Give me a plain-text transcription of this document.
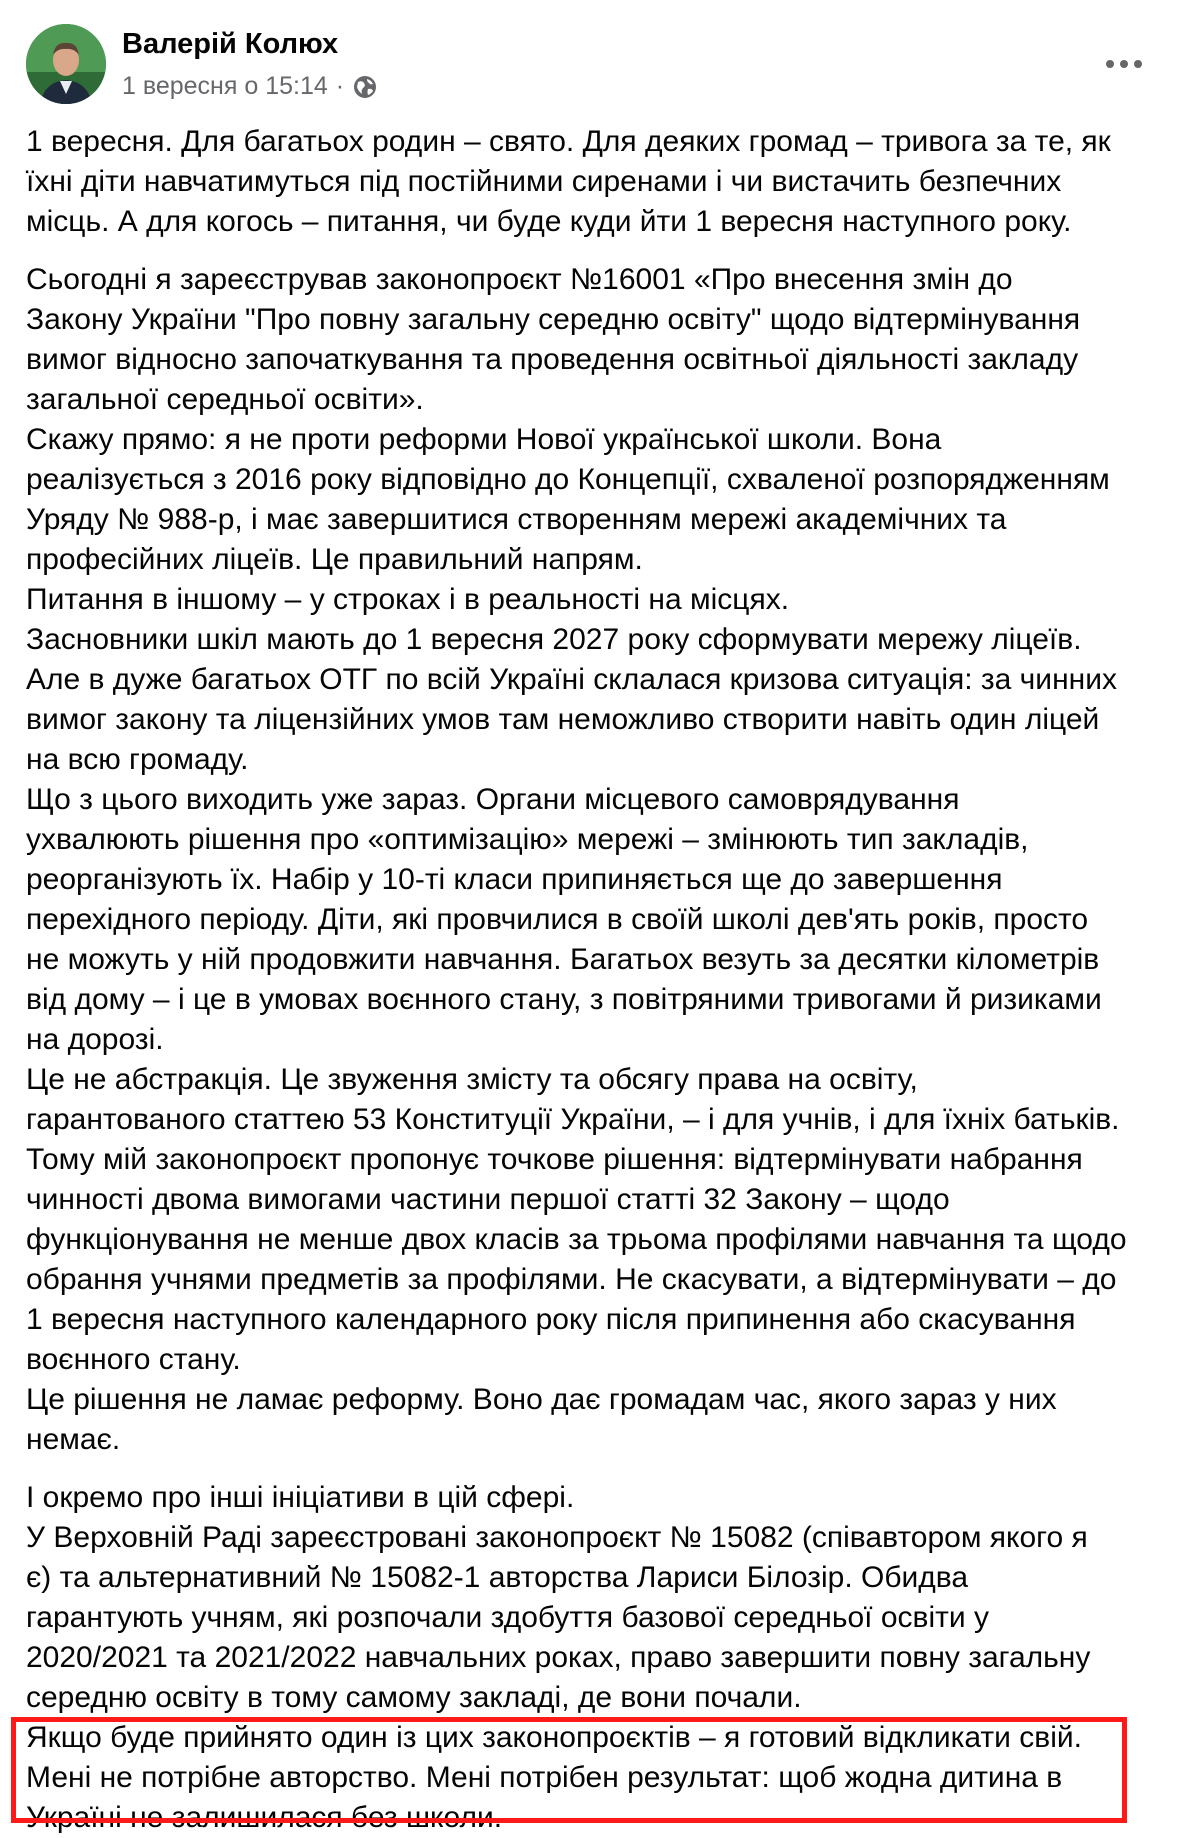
Валерій Колюх
1 вересня о 15:14 ·
1 вересня. Для багатьох родин – свято. Для деяких громад – тривога за те, як
їхні діти навчатимуться під постійними сиренами і чи вистачить безпечних
місць. А для когось – питання, чи буде куди йти 1 вересня наступного року.
Сьогодні я зареєстрував законопроєкт №16001 «Про внесення змін до
Закону України "Про повну загальну середню освіту" щодо відтермінування
вимог відносно започаткування та проведення освітньої діяльності закладу
загальної середньої освіти».
Скажу прямо: я не проти реформи Нової української школи. Вона
реалізується з 2016 року відповідно до Концепції, схваленої розпорядженням
Уряду № 988-р, і має завершитися створенням мережі академічних та
професійних ліцеїв. Це правильний напрям.
Питання в іншому – у строках і в реальності на місцях.
Засновники шкіл мають до 1 вересня 2027 року сформувати мережу ліцеїв.
Але в дуже багатьох ОТГ по всій Україні склалася кризова ситуація: за чинних
вимог закону та ліцензійних умов там неможливо створити навіть один ліцей
на всю громаду.
Що з цього виходить уже зараз. Органи місцевого самоврядування
ухвалюють рішення про «оптимізацію» мережі – змінюють тип закладів,
реорганізують їх. Набір у 10-ті класи припиняється ще до завершення
перехідного періоду. Діти, які провчилися в своїй школі дев'ять років, просто
не можуть у ній продовжити навчання. Багатьох везуть за десятки кілометрів
від дому – і це в умовах воєнного стану, з повітряними тривогами й ризиками
на дорозі.
Це не абстракція. Це звуження змісту та обсягу права на освіту,
гарантованого статтею 53 Конституції України, – і для учнів, і для їхніх батьків.
Тому мій законопроєкт пропонує точкове рішення: відтермінувати набрання
чинності двома вимогами частини першої статті 32 Закону – щодо
функціонування не менше двох класів за трьома профілями навчання та щодо
обрання учнями предметів за профілями. Не скасувати, а відтермінувати – до
1 вересня наступного календарного року після припинення або скасування
воєнного стану.
Це рішення не ламає реформу. Воно дає громадам час, якого зараз у них
немає.
І окремо про інші ініціативи в цій сфері.
У Верховній Раді зареєстровані законопроєкт № 15082 (співавтором якого я
є) та альтернативний № 15082-1 авторства Лариси Білозір. Обидва
гарантують учням, які розпочали здобуття базової середньої освіти у
2020/2021 та 2021/2022 навчальних роках, право завершити повну загальну
середню освіту в тому самому закладі, де вони почали.
Якщо буде прийнято один із цих законопроєктів – я готовий відкликати свій.
Мені не потрібне авторство. Мені потрібен результат: щоб жодна дитина в
Україні не залишилася без школи.
